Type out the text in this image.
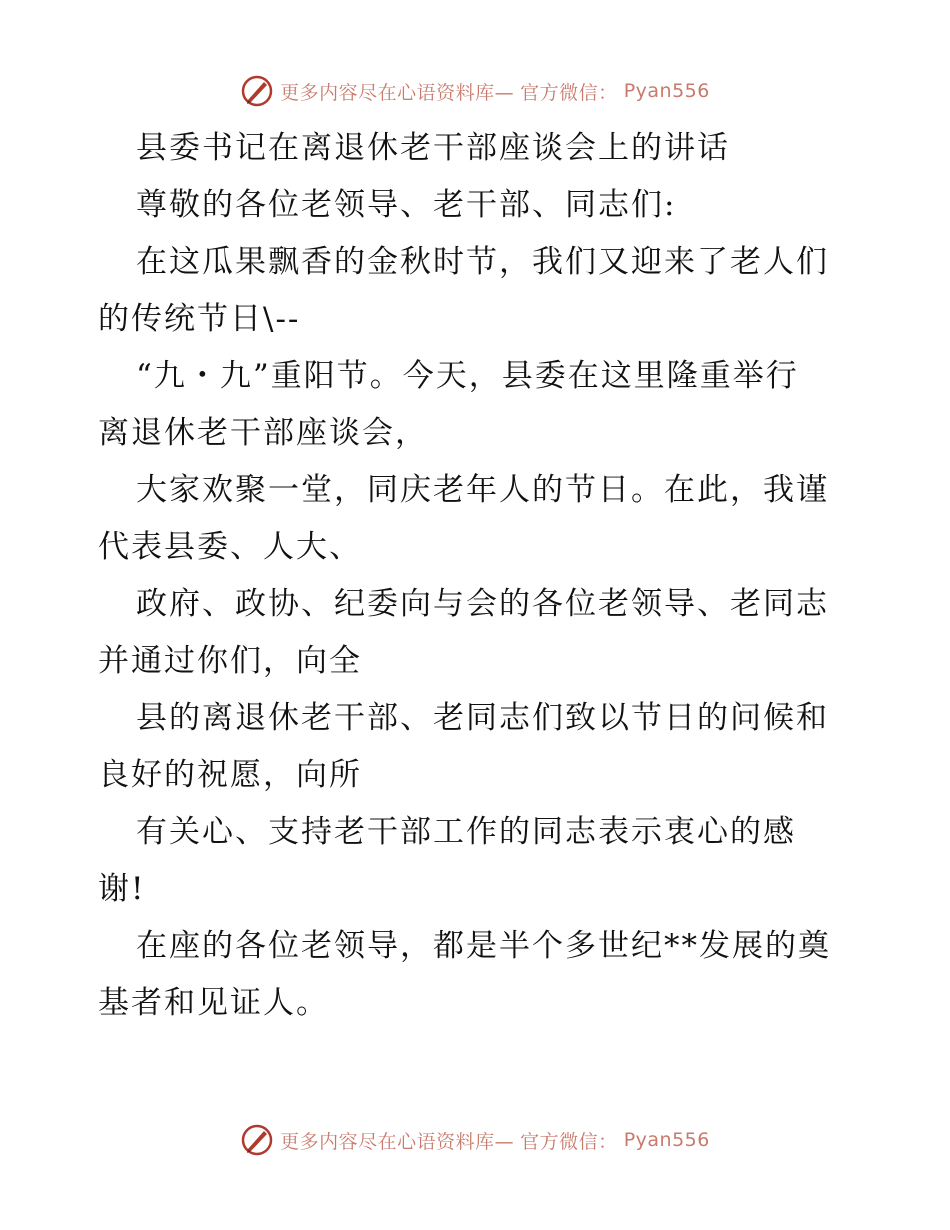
更多内容尽在心语资料库— 官方微信： Pyan556

县委书记在离退休老干部座谈会上的讲话

尊敬的各位老领导、老干部、同志们:

在这瓜果飘香的金秋时节，我们又迎来了老人们

的传统节日\--

“九・九”重阳节。今天，县委在这里隆重举行

离退休老干部座谈会，

大家欢聚一堂，同庆老年人的节日。在此，我谨

代表县委、人大、

政府、政协、纪委向与会的各位老领导、老同志

并通过你们，向全

县的离退休老干部、老同志们致以节日的问候和

良好的祝愿，向所

有关心、支持老干部工作的同志表示衷心的感

谢!

在座的各位老领导，都是半个多世纪**发展的奠

基者和见证人。

更多内容尽在心语资料库— 官方微信： Pyan556
